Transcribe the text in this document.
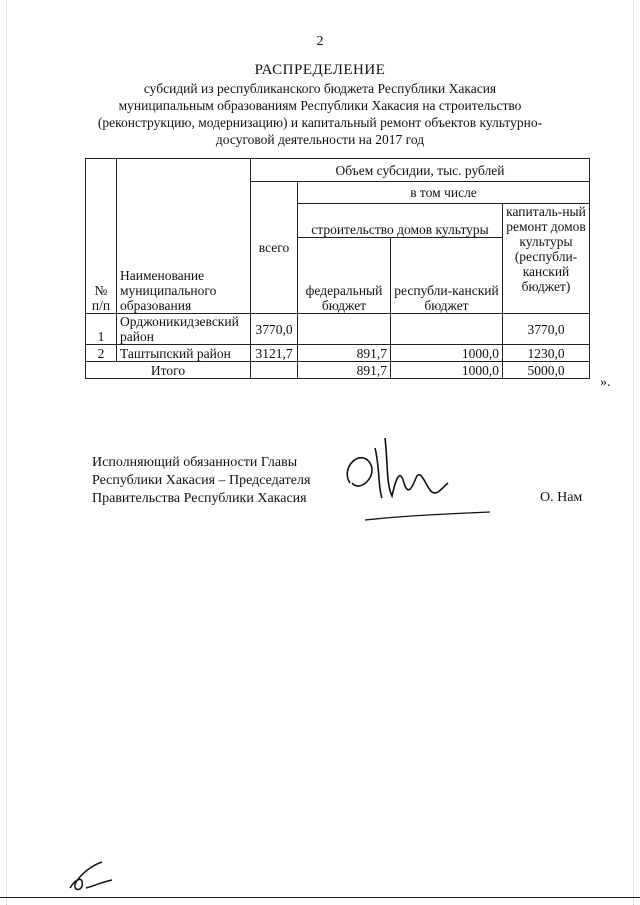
2
РАСПРЕДЕЛЕНИЕ
субсидий из республиканского бюджета Республики Хакасия муниципальным образованиям Республики Хакасия на строительство (реконструкцию, модернизацию) и капитальный ремонт объектов культурно-досуговой деятельности на 2017 год
№ п/п	Наименование муниципального образования	Объем субсидии, тыс. рублей			
		всего	в том числе		
			строительство домов культуры		капиталь-ный ремонт домов культуры (республи-канский бюджет)
			федеральный бюджет	республи-канский бюджет	

1	Орджоникидзевский район	3770,0			3770,0
2	Таштыпский район	3121,7	891,7	1000,0	1230,0
Итого			891,7	1000,0	5000,0
».
Исполняющий обязанности Главы
Республики Хакасия – Председателя
Правительства Республики Хакасия	О. Нам
